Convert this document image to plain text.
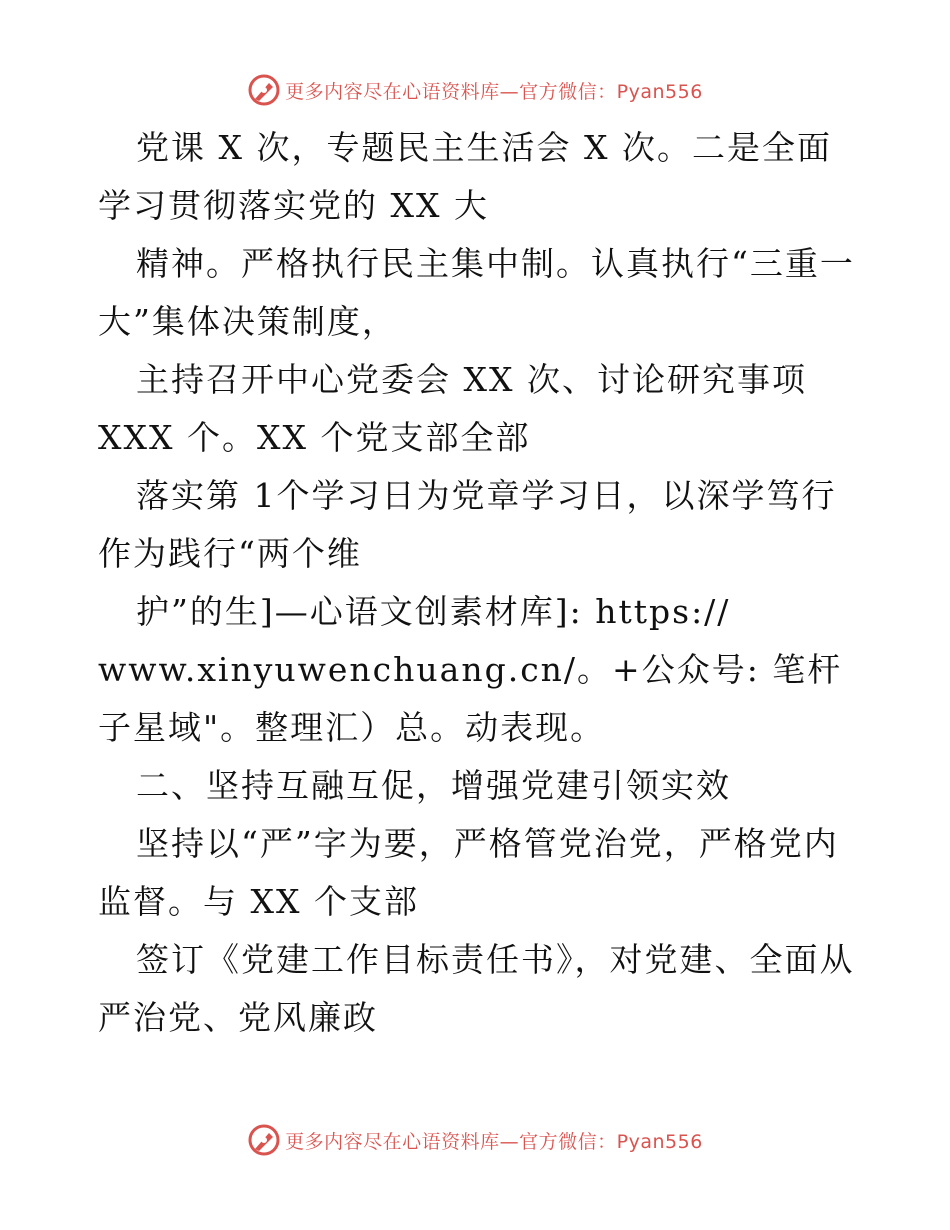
更多内容尽在心语资料库—官方微信：Pyan556

党课 X 次，专题民主生活会 X 次。二是全面学习贯彻落实党的 XX 大

精神。严格执行民主集中制。认真执行“三重一大”集体决策制度，

主持召开中心党委会 XX 次、讨论研究事项 XXX 个。XX 个党支部全部

落实第 1个学习日为党章学习日，以深学笃行作为践行“两个维

护”的生]—心语文创素材库]: https:// www.xinyuwenchuang.cn/。+公众号: 笔杆子星域"。整理汇）总。动表现。

二、坚持互融互促，增强党建引领实效

坚持以“严”字为要，严格管党治党，严格党内监督。与 XX 个支部

签订《党建工作目标责任书》，对党建、全面从严治党、党风廉政

更多内容尽在心语资料库—官方微信：Pyan556
